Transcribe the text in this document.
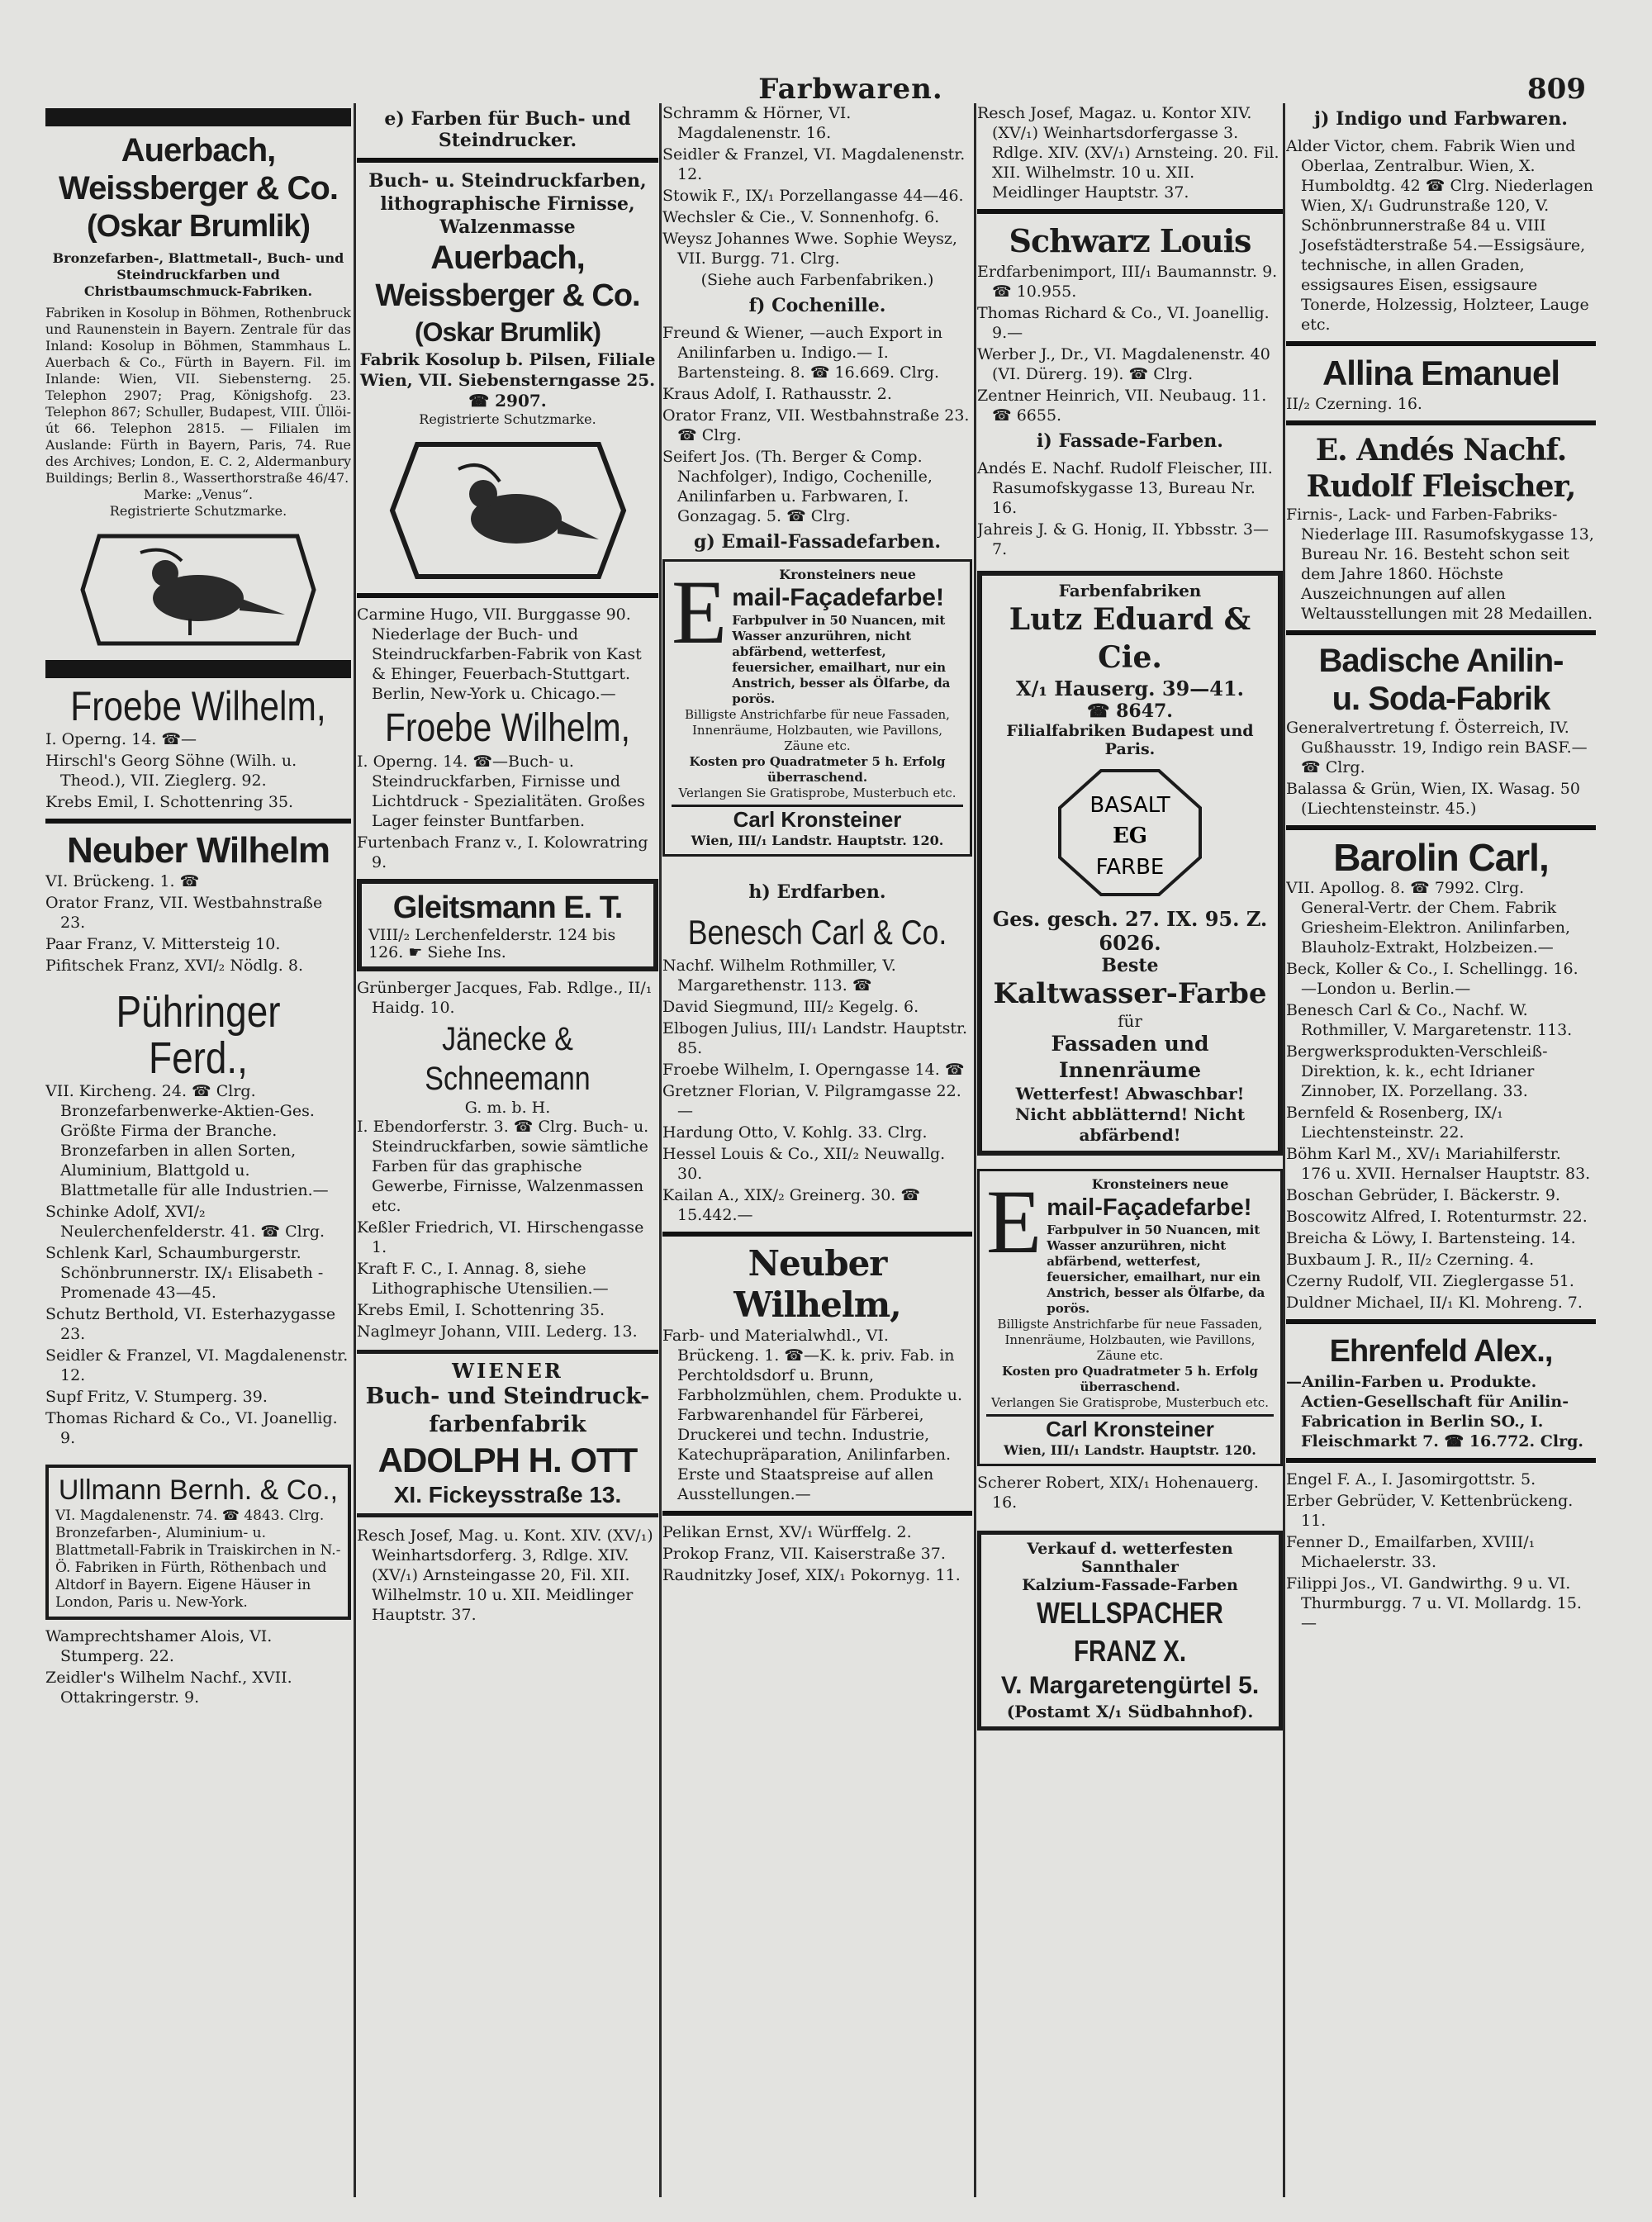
Farbwaren.	809
Auerbach,
Weissberger & Co.
(Oskar Brumlik)
Bronzefarben-, Blattmetall-, Buch- und Steindruckfarben und Christbaumschmuck-Fabriken.
Fabriken in Kosolup in Böhmen, Rothenbruck und Raunenstein in Bayern. Zentrale für das Inland: Kosolup in Böhmen, Stammhaus L. Auerbach & Co., Fürth in Bayern. Fil. im Inlande: Wien, VII. Siebensterng. 25. Telephon 2907; Prag, Königshofg. 23. Telephon 867; Schuller, Budapest, VIII. Üllöi-út 66. Telephon 2815. — Filialen im Auslande: Fürth in Bayern, Paris, 74. Rue des Archives; London, E. C. 2, Aldermanbury Buildings; Berlin 8., Wasserthorstraße 46/47.
Marke: „Venus“.
Registrierte Schutzmarke.
Froebe Wilhelm,
I. Operng. 14. ☎—
Hirschl's Georg Söhne (Wilh. u. Theod.), VII. Zieglerg. 92.
Krebs Emil, I. Schottenring 35.
Neuber Wilhelm
VI. Brückeng. 1. ☎
Orator Franz, VII. Westbahnstraße 23.
Paar Franz, V. Mittersteig 10.
Pifitschek Franz, XVI/₂ Nödlg. 8.
Pühringer Ferd.,
VII. Kircheng. 24. ☎ Clrg. Bronzefarbenwerke-Aktien-Ges. Größte Firma der Branche. Bronzefarben in allen Sorten, Aluminium, Blattgold u. Blattmetalle für alle Industrien.—
Schinke Adolf, XVI/₂ Neulerchenfelderstr. 41. ☎ Clrg.
Schlenk Karl, Schaumburgerstr. Schönbrunnerstr. IX/₁ Elisabeth - Promenade 43—45.
Schutz Berthold, VI. Esterhazygasse 23.
Seidler & Franzel, VI. Magdalenenstr. 12.
Supf Fritz, V. Stumperg. 39.
Thomas Richard & Co., VI. Joanellig. 9.
Ullmann Bernh. & Co.,
VI. Magdalenenstr. 74. ☎ 4843. Clrg. Bronzefarben-, Aluminium- u. Blattmetall-Fabrik in Traiskirchen in N.-Ö. Fabriken in Fürth, Röthenbach und Altdorf in Bayern. Eigene Häuser in London, Paris u. New-York.
Wamprechtshamer Alois, VI. Stumperg. 22.
Zeidler's Wilhelm Nachf., XVII. Ottakringerstr. 9.
e) Farben für Buch- und Steindrucker.
Buch- u. Steindruckfarben, lithographische Firnisse, Walzenmasse
Auerbach,
Weissberger & Co.
(Oskar Brumlik)
Fabrik Kosolup b. Pilsen, Filiale Wien, VII. Siebensterngasse 25. ☎ 2907.
Registrierte Schutzmarke.
Carmine Hugo, VII. Burggasse 90. Niederlage der Buch- und Steindruckfarben-Fabrik von Kast & Ehinger, Feuerbach-Stuttgart. Berlin, New-York u. Chicago.—
Froebe Wilhelm,
I. Operng. 14. ☎—Buch- u. Steindruckfarben, Firnisse und Lichtdruck - Spezialitäten. Großes Lager feinster Buntfarben.
Furtenbach Franz v., I. Kolowratring 9.
Gleitsmann E. T.
VIII/₂ Lerchenfelderstr. 124 bis 126. ☛ Siehe Ins.
Grünberger Jacques, Fab. Rdlge., II/₁ Haidg. 10.
Jänecke & Schneemann
G. m. b. H.
I. Ebendorferstr. 3. ☎ Clrg. Buch- u. Steindruckfarben, sowie sämtliche Farben für das graphische Gewerbe, Firnisse, Walzenmassen etc.
Keßler Friedrich, VI. Hirschengasse 1.
Kraft F. C., I. Annag. 8, siehe Lithographische Utensilien.—
Krebs Emil, I. Schottenring 35.
Naglmeyr Johann, VIII. Lederg. 13.
WIENER
Buch- und Steindruck-
farbenfabrik
ADOLPH H. OTT
XI. Fickeysstraße 13.
Resch Josef, Mag. u. Kont. XIV. (XV/₁) Weinhartsdorferg. 3, Rdlge. XIV. (XV/₁) Arnsteingasse 20, Fil. XII. Wilhelmstr. 10 u. XII. Meidlinger Hauptstr. 37.
Schramm & Hörner, VI. Magdalenenstr. 16.
Seidler & Franzel, VI. Magdalenenstr. 12.
Stowik F., IX/₁ Porzellangasse 44—46.
Wechsler & Cie., V. Sonnenhofg. 6.
Weysz Johannes Wwe. Sophie Weysz, VII. Burgg. 71. Clrg.
(Siehe auch Farbenfabriken.)
f) Cochenille.
Freund & Wiener, —auch Export in Anilinfarben u. Indigo.— I. Bartensteing. 8. ☎ 16.669. Clrg.
Kraus Adolf, I. Rathausstr. 2.
Orator Franz, VII. Westbahnstraße 23. ☎ Clrg.
Seifert Jos. (Th. Berger & Comp. Nachfolger), Indigo, Cochenille, Anilinfarben u. Farbwaren, I. Gonzagag. 5. ☎ Clrg.
g) Email-Fassadefarben.
E	Kronsteiners neue
mail-Façadefarbe!
Farbpulver in 50 Nuancen, mit Wasser anzurühren, nicht abfärbend, wetterfest, feuersicher, emailhart, nur ein Anstrich, besser als Ölfarbe, da porös.
Billigste Anstrichfarbe für neue Fassaden, Innenräume, Holzbauten, wie Pavillons, Zäune etc.
Kosten pro Quadratmeter 5 h. Erfolg überraschend.
Verlangen Sie Gratisprobe, Musterbuch etc.
Carl Kronsteiner
Wien, III/₁ Landstr. Hauptstr. 120.
h) Erdfarben.
Benesch Carl & Co.
Nachf. Wilhelm Rothmiller, V. Margarethenstr. 113. ☎
David Siegmund, III/₂ Kegelg. 6.
Elbogen Julius, III/₁ Landstr. Hauptstr. 85.
Froebe Wilhelm, I. Operngasse 14. ☎
Gretzner Florian, V. Pilgramgasse 22.—
Hardung Otto, V. Kohlg. 33. Clrg.
Hessel Louis & Co., XII/₂ Neuwallg. 30.
Kailan A., XIX/₂ Greinerg. 30. ☎ 15.442.—
Neuber Wilhelm,
Farb- und Materialwhdl., VI. Brückeng. 1. ☎—K. k. priv. Fab. in Perchtoldsdorf u. Brunn, Farbholzmühlen, chem. Produkte u. Farbwarenhandel für Färberei, Druckerei und techn. Industrie, Katechupräparation, Anilinfarben. Erste und Staatspreise auf allen Ausstellungen.—
Pelikan Ernst, XV/₁ Würffelg. 2.
Prokop Franz, VII. Kaiserstraße 37.
Raudnitzky Josef, XIX/₁ Pokornyg. 11.
Resch Josef, Magaz. u. Kontor XIV. (XV/₁) Weinhartsdorfergasse 3. Rdlge. XIV. (XV/₁) Arnsteing. 20. Fil. XII. Wilhelmstr. 10 u. XII. Meidlinger Hauptstr. 37.
Schwarz Louis
Erdfarbenimport, III/₁ Baumannstr. 9. ☎ 10.955.
Thomas Richard & Co., VI. Joanellig. 9.—
Werber J., Dr., VI. Magdalenenstr. 40 (VI. Dürerg. 19). ☎ Clrg.
Zentner Heinrich, VII. Neubaug. 11. ☎ 6655.
i) Fassade-Farben.
Andés E. Nachf. Rudolf Fleischer, III. Rasumofskygasse 13, Bureau Nr. 16.
Jahreis J. & G. Honig, II. Ybbsstr. 3—7.
Farbenfabriken
Lutz Eduard & Cie.
X/₁ Hauserg. 39—41.
☎ 8647.
Filialfabriken Budapest und Paris.
BASALT
EG
FARBE
Ges. gesch. 27. IX. 95. Z. 6026.
Beste
Kaltwasser-Farbe
für
Fassaden und Innenräume
Wetterfest! Abwaschbar! Nicht abblätternd! Nicht abfärbend!
E	Kronsteiners neue
mail-Façadefarbe!
Farbpulver in 50 Nuancen, mit Wasser anzurühren, nicht abfärbend, wetterfest, feuersicher, emailhart, nur ein Anstrich, besser als Ölfarbe, da porös.
Billigste Anstrichfarbe für neue Fassaden, Innenräume, Holzbauten, wie Pavillons, Zäune etc.
Kosten pro Quadratmeter 5 h. Erfolg überraschend.
Verlangen Sie Gratisprobe, Musterbuch etc.
Carl Kronsteiner
Wien, III/₁ Landstr. Hauptstr. 120.
Scherer Robert, XIX/₁ Hohenauerg. 16.
Verkauf d. wetterfesten Sannthaler
Kalzium-Fassade-Farben
WELLSPACHER FRANZ X.
V. Margaretengürtel 5.
(Postamt X/₁ Südbahnhof).
j) Indigo und Farbwaren.
Alder Victor, chem. Fabrik Wien und Oberlaa, Zentralbur. Wien, X. Humboldtg. 42 ☎ Clrg. Niederlagen Wien, X/₁ Gudrunstraße 120, V. Schönbrunnerstraße 84 u. VIII Josefstädterstraße 54.—Essigsäure, technische, in allen Graden, essigsaures Eisen, essigsaure Tonerde, Holzessig, Holzteer, Lauge etc.
Allina Emanuel
II/₂ Czerning. 16.
E. Andés Nachf.
Rudolf Fleischer,
Firnis-, Lack- und Farben-Fabriks-Niederlage III. Rasumofskygasse 13, Bureau Nr. 16. Besteht schon seit dem Jahre 1860. Höchste Auszeichnungen auf allen Weltausstellungen mit 28 Medaillen.
Badische Anilin-
u. Soda-Fabrik
Generalvertretung f. Österreich, IV. Gußhausstr. 19, Indigo rein BASF.—☎ Clrg.
Balassa & Grün, Wien, IX. Wasag. 50 (Liechtensteinstr. 45.)
Barolin Carl,
VII. Apollog. 8. ☎ 7992. Clrg. General-Vertr. der Chem. Fabrik Griesheim-Elektron. Anilinfarben, Blauholz-Extrakt, Holzbeizen.—
Beck, Koller & Co., I. Schellingg. 16. —London u. Berlin.—
Benesch Carl & Co., Nachf. W. Rothmiller, V. Margaretenstr. 113.
Bergwerksprodukten-Verschleiß-Direktion, k. k., echt Idrianer Zinnober, IX. Porzellang. 33.
Bernfeld & Rosenberg, IX/₁ Liechtensteinstr. 22.
Böhm Karl M., XV/₁ Mariahilferstr. 176 u. XVII. Hernalser Hauptstr. 83.
Boschan Gebrüder, I. Bäckerstr. 9.
Boscowitz Alfred, I. Rotenturmstr. 22.
Breicha & Löwy, I. Bartensteing. 14.
Buxbaum J. R., II/₂ Czerning. 4.
Czerny Rudolf, VII. Zieglergasse 51.
Duldner Michael, II/₁ Kl. Mohreng. 7.
Ehrenfeld Alex.,
—Anilin-Farben u. Produkte. Actien-Gesellschaft für Anilin-Fabrication in Berlin SO., I. Fleischmarkt 7. ☎ 16.772. Clrg.
Engel F. A., I. Jasomirgottstr. 5.
Erber Gebrüder, V. Kettenbrückeng. 11.
Fenner D., Emailfarben, XVIII/₁ Michaelerstr. 33.
Filippi Jos., VI. Gandwirthg. 9 u. VI. Thurmburgg. 7 u. VI. Mollardg. 15.—
